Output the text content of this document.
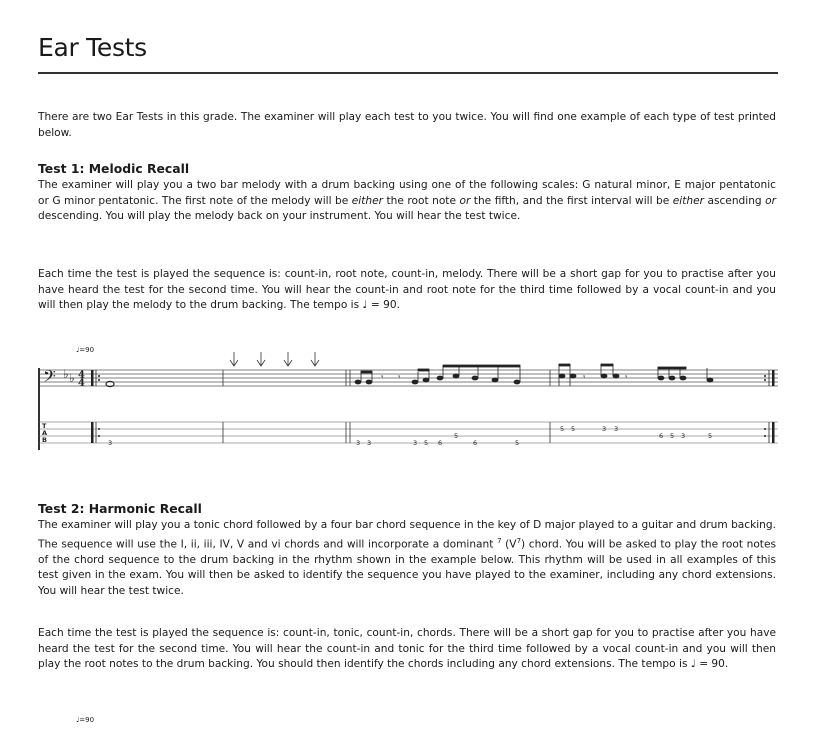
Ear Tests

There are two Ear Tests in this grade. The examiner will play each test to you twice. You will find one example of each type of test printed below.

Test 1: Melodic Recall

The examiner will play you a two bar melody with a drum backing using one of the following scales: G natural minor, E major pentatonic or G minor pentatonic. The first note of the melody will be either the root note or the fifth, and the first interval will be either ascending or descending. You will play the melody back on your instrument. You will hear the test twice.

Each time the test is played the sequence is: count-in, root note, count-in, melody. There will be a short gap for you to practise after you have heard the test for the second time. You will hear the count-in and root note for the third time followed by a vocal count-in and you will then play the melody to the drum backing. The tempo is ♩ = 90.

♩=90
𝄢 ♭ ♭ 4
4	𝄾 𝄾	𝄾	𝄾
T
A
B	3	3 3	3 5 6
5
6	5
5 5	3 3
6 5 3	5
Test 2: Harmonic Recall

The examiner will play you a tonic chord followed by a four bar chord sequence in the key of D major played to a guitar and drum backing. The sequence will use the I, ii, iii, IV, V and vi chords and will incorporate a dominant $^7$ $(V^7)$ chord. You will be asked to play the root notes of the chord sequence to the drum backing in the rhythm shown in the example below. This rhythm will be used in all examples of this test given in the exam. You will then be asked to identify the sequence you have played to the examiner, including any chord extensions. You will hear the test twice.

Each time the test is played the sequence is: count-in, tonic, count-in, chords. There will be a short gap for you to practise after you have heard the test for the second time. You will hear the count-in and tonic for the third time followed by a vocal count-in and you will then play the root notes to the drum backing. You should then identify the chords including any chord extensions. The tempo is ♩ = 90.

♩=90
